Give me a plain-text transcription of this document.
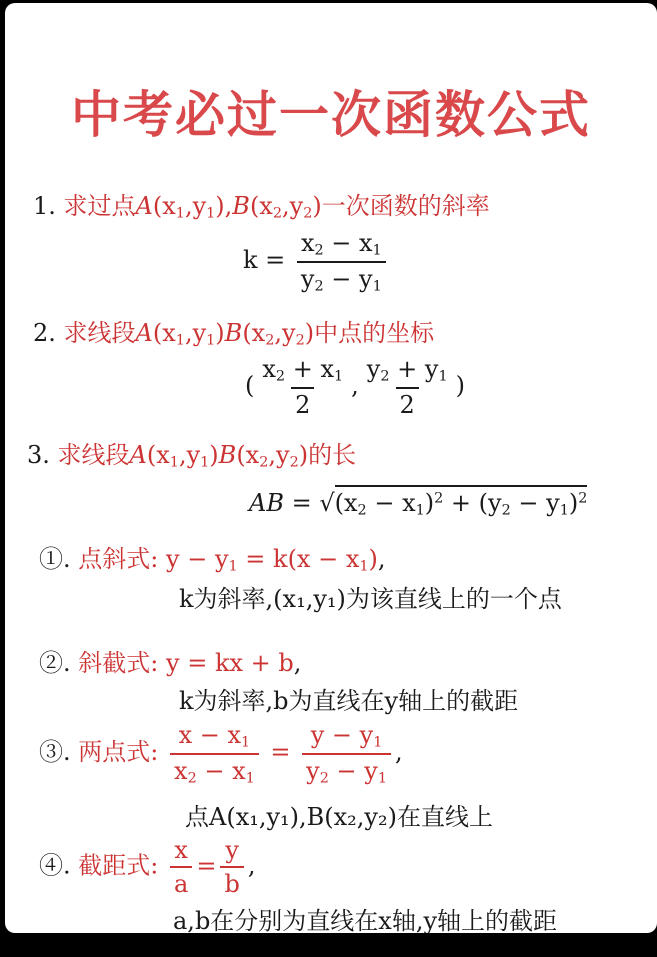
中考必过一次函数公式
1. 求过点$A(x_1,y_1),B(x_2,y_2)$一次函数的斜率
$k = \frac{x_2 - x_1}{y_2 - y_1}$
2. 求线段$A(x_1,y_1)B(x_2,y_2)$中点的坐标
( $\frac{x_2 + x_1}{2}$ , $\frac{y_2 + y_1}{2}$ )
3. 求线段$A(x_1,y_1)B(x_2,y_2)$的长
AB = $√(x_2 - x_1)^2 + (y_2 - y_1)^2$
①. 点斜式: $y - y_1 = k(x - x_1)$,
k为斜率,(x₁,y₁)为该直线上的一个点
②. 斜截式: y = kx + b,
k为斜率,b为直线在y轴上的截距
③. 两点式: $\frac{x - x_1}{x_2 - x_1} = \frac{y - y_1}{y_2 - y_1}$ ,
点A(x₁,y₁),B(x₂,y₂)在直线上
④. 截距式: $\frac{x}{a} = \frac{y}{b}$ ,
a,b在分别为直线在x轴,y轴上的截距
